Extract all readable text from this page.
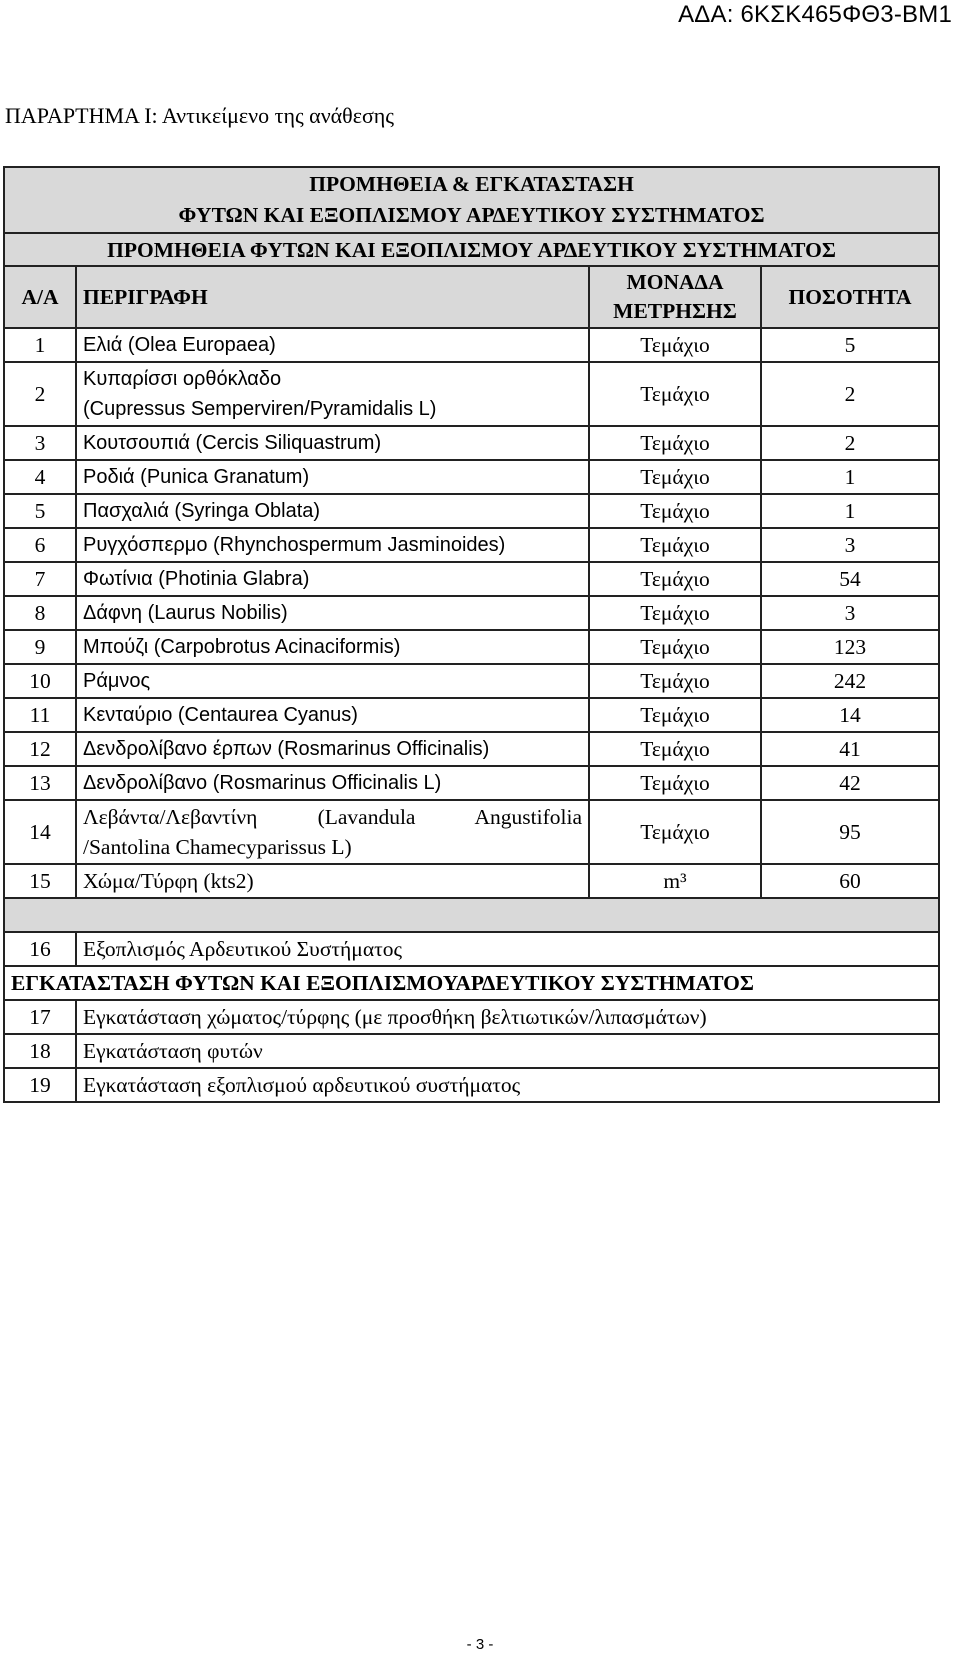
ΑΔΑ: 6ΚΣΚ465ΦΘ3-ΒΜ1
ΠΑΡΑΡΤΗΜΑ Ι: Αντικείμενο της ανάθεσης
ΠΡΟΜΗΘΕΙΑ & ΕΓΚΑΤΑΣΤΑΣΗ
ΦΥΤΩΝ ΚΑΙ ΕΞΟΠΛΙΣΜΟΥ ΑΡΔΕΥΤΙΚΟΥ ΣΥΣΤΗΜΑΤΟΣ			

ΠΡΟΜΗΘΕΙΑ ΦΥΤΩΝ ΚΑΙ ΕΞΟΠΛΙΣΜΟΥ ΑΡΔΕΥΤΙΚΟΥ ΣΥΣΤΗΜΑΤΟΣ			
Α/Α	ΠΕΡΙΓΡΑΦΗ	ΜΟΝΑΔΑ
ΜΕΤΡΗΣΗΣ	ΠΟΣΟΤΗΤΑ
1	Ελιά (Olea Europaea)	Τεμάχιο	5
2	Κυπαρίσσι ορθόκλαδο
(Cupressus Semperviren/Pyramidalis L)	Τεμάχιο	2
3	Κουτσουπιά (Cercis Siliquastrum)	Τεμάχιο	2
4	Ροδιά (Punica Granatum)	Τεμάχιο	1
5	Πασχαλιά (Syringa Oblata)	Τεμάχιο	1
6	Ρυγχόσπερμο (Rhynchospermum Jasminoides)	Τεμάχιο	3
7	Φωτίνια (Photinia Glabra)	Τεμάχιο	54
8	Δάφνη (Laurus Nobilis)	Τεμάχιο	3
9	Μπούζι (Carpobrotus Acinaciformis)	Τεμάχιο	123
10	Ράμνος	Τεμάχιο	242
11	Κενταύριο (Centaurea Cyanus)	Τεμάχιο	14
12	Δενδρολίβανο έρπων (Rosmarinus Officinalis)	Τεμάχιο	41
13	Δενδρολίβανο (Rosmarinus Officinalis L)	Τεμάχιο	42
14	Λεβάντα/Λεβαντίνη (Lavandula Angustifolia
/Santolina Chamecyparissus L)	Τεμάχιο	95
15	Χώμα/Τύρφη (kts2)	m³	60

16	Εξοπλισμός Αρδευτικού Συστήματος		
ΕΓΚΑΤΑΣΤΑΣΗ ΦΥΤΩΝ ΚΑΙ ΕΞΟΠΛΙΣΜΟΥΑΡΔΕΥΤΙΚΟΥ ΣΥΣΤΗΜΑΤΟΣ			
17	Εγκατάσταση χώματος/τύρφης (με προσθήκη βελτιωτικών/λιπασμάτων)		
18	Εγκατάσταση φυτών		
19	Εγκατάσταση εξοπλισμού αρδευτικού συστήματος		
- 3 -
